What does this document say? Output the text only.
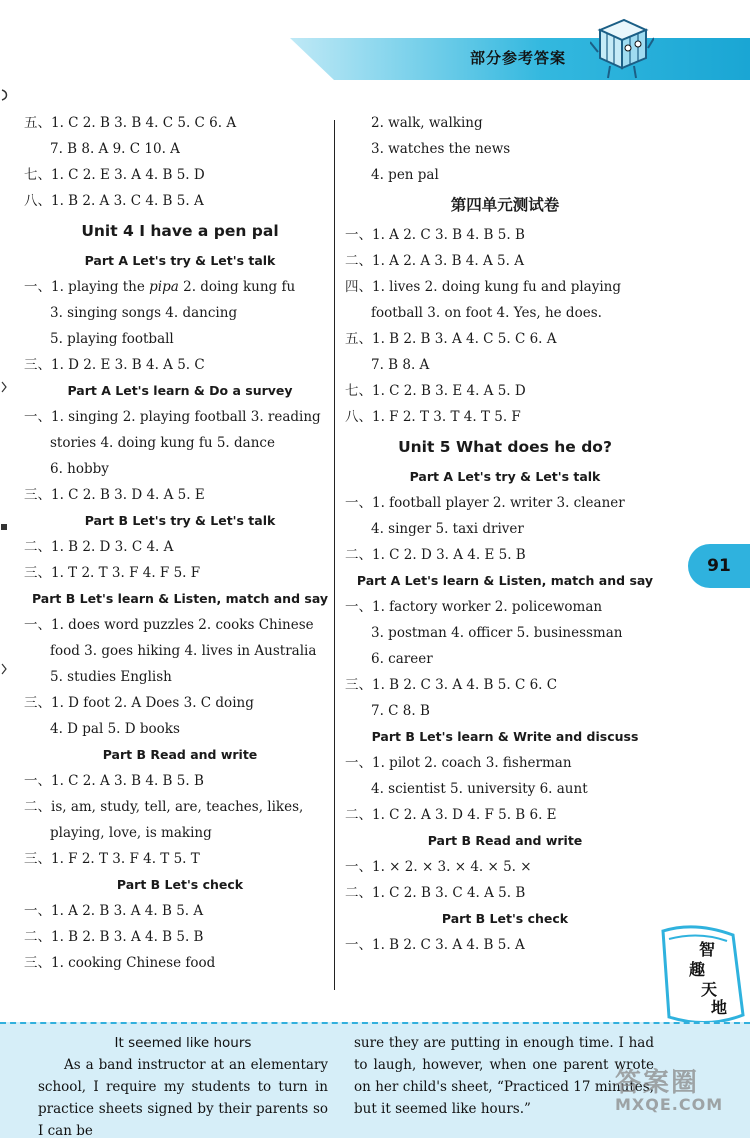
部分参考答案
五、1. C 2. B 3. B 4. C 5. C 6. A
7. B 8. A 9. C 10. A
七、1. C 2. E 3. A 4. B 5. D
八、1. B 2. A 3. C 4. B 5. A
Unit 4 I have a pen pal
Part A Let's try & Let's talk
一、1. playing the pipa 2. doing kung fu
3. singing songs 4. dancing
5. playing football
三、1. D 2. E 3. B 4. A 5. C
Part A Let's learn & Do a survey
一、1. singing 2. playing football 3. reading
stories 4. doing kung fu 5. dance
6. hobby
三、1. C 2. B 3. D 4. A 5. E
Part B Let's try & Let's talk
二、1. B 2. D 3. C 4. A
三、1. T 2. T 3. F 4. F 5. F
Part B Let's learn & Listen, match and say
一、1. does word puzzles 2. cooks Chinese
food 3. goes hiking 4. lives in Australia
5. studies English
三、1. D foot 2. A Does 3. C doing
4. D pal 5. D books
Part B Read and write
一、1. C 2. A 3. B 4. B 5. B
二、is, am, study, tell, are, teaches, likes,
playing, love, is making
三、1. F 2. T 3. F 4. T 5. T
Part B Let's check
一、1. A 2. B 3. A 4. B 5. A
二、1. B 2. B 3. A 4. B 5. B
三、1. cooking Chinese food
2. walk, walking
3. watches the news
4. pen pal
第四单元测试卷
一、1. A 2. C 3. B 4. B 5. B
二、1. A 2. A 3. B 4. A 5. A
四、1. lives 2. doing kung fu and playing
football 3. on foot 4. Yes, he does.
五、1. B 2. B 3. A 4. C 5. C 6. A
7. B 8. A
七、1. C 2. B 3. E 4. A 5. D
八、1. F 2. T 3. T 4. T 5. F
Unit 5 What does he do?
Part A Let's try & Let's talk
一、1. football player 2. writer 3. cleaner
4. singer 5. taxi driver
二、1. C 2. D 3. A 4. E 5. B
Part A Let's learn & Listen, match and say
一、1. factory worker 2. policewoman
3. postman 4. officer 5. businessman
6. career
三、1. B 2. C 3. A 4. B 5. C 6. C
7. C 8. B
Part B Let's learn & Write and discuss
一、1. pilot 2. coach 3. fisherman
4. scientist 5. university 6. aunt
二、1. C 2. A 3. D 4. F 5. B 6. E
Part B Read and write
一、1. × 2. × 3. × 4. × 5. ×
二、1. C 2. B 3. C 4. A 5. B
Part B Let's check
一、1. B 2. C 3. A 4. B 5. A
91
智
趣
天
地
It seemed like hours
As a band instructor at an elementary school, I require my students to turn in practice sheets signed by their parents so I can be
sure they are putting in enough time. I had to laugh, however, when one parent wrote on her child's sheet, “Practiced 17 minutes, but it seemed like hours.”
答案圈
MXQE.COM
